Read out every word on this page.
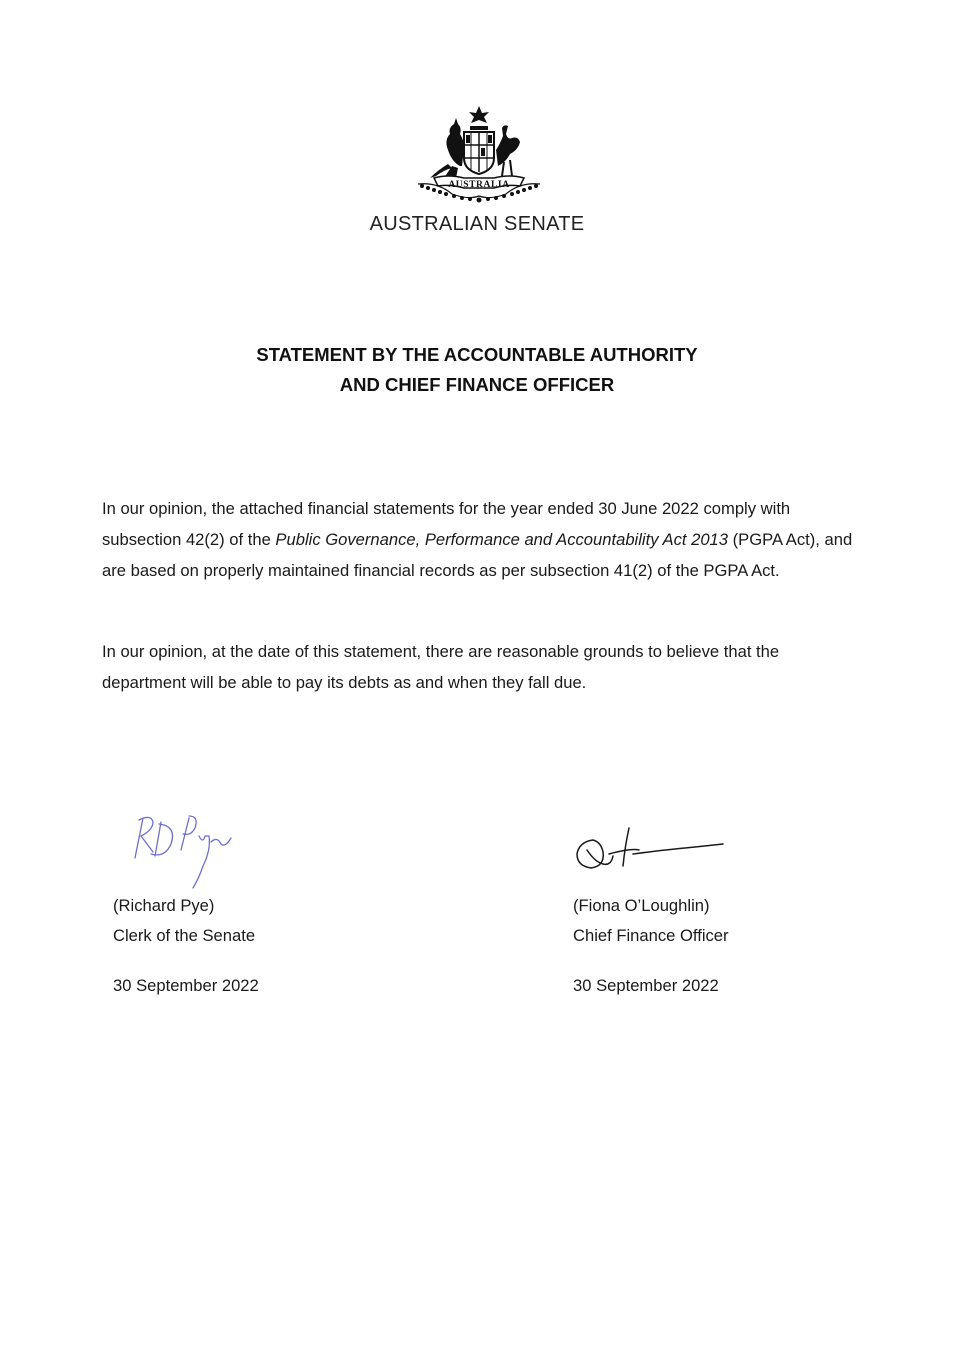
AUSTRALIA
AUSTRALIAN SENATE
STATEMENT BY THE ACCOUNTABLE AUTHORITY
AND CHIEF FINANCE OFFICER
In our opinion, the attached financial statements for the year ended 30 June 2022 comply with subsection 42(2) of the Public Governance, Performance and Accountability Act 2013 (PGPA Act), and are based on properly maintained financial records as per subsection 41(2) of the PGPA Act.
In our opinion, at the date of this statement, there are reasonable grounds to believe that the department will be able to pay its debts as and when they fall due.
(Richard Pye)
Clerk of the Senate
30 September 2022
(Fiona O’Loughlin)
Chief Finance Officer
30 September 2022
